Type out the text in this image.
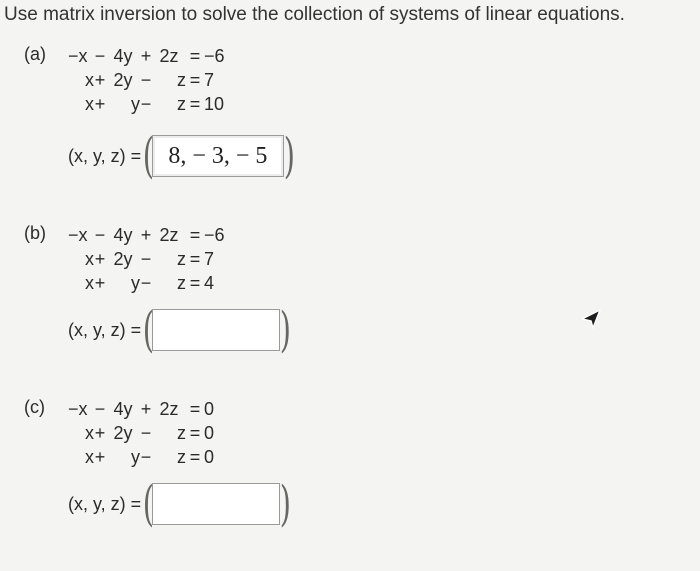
Use matrix inversion to solve the collection of systems of linear equations.
(a) −x − 4y + 2z = −6
x + 2y −	z = 7
x +	y −	z = 10
(x, y, z) = ( 8, − 3, − 5 )
(b) −x − 4y + 2z = −6
x + 2y −	z = 7
x +	y −	z = 4
(x, y, z) = (	)
(c) −x − 4y + 2z = 0
x + 2y −	z = 0
x +	y −	z = 0
(x, y, z) = (	)
